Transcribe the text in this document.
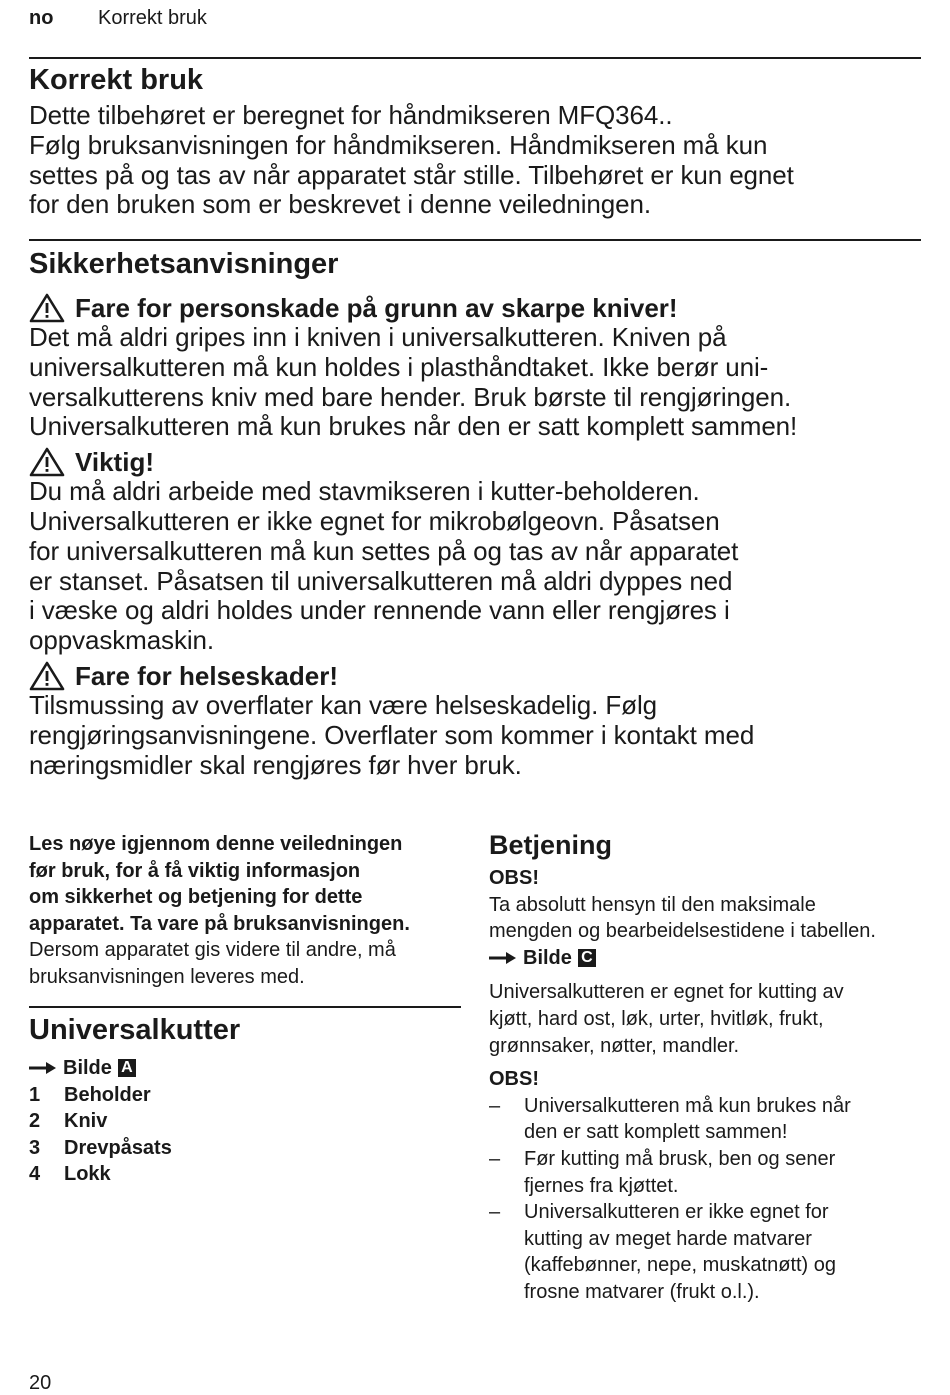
no Korrekt bruk
Korrekt bruk

Dette tilbehøret er beregnet for håndmikseren MFQ364..

Følg bruksanvisningen for håndmikseren. Håndmikseren må kun

settes på og tas av når apparatet står stille. Tilbehøret er kun egnet

for den bruken som er beskrevet i denne veiledningen.

Sikkerhetsanvisninger
Fare for personskade på grunn av skarpe kniver!

Det må aldri gripes inn i kniven i universalkutteren. Kniven på

universalkutteren må kun holdes i plasthåndtaket. Ikke berør uni-

versalkutterens kniv med bare hender. Bruk børste til rengjøringen.

Universalkutteren må kun brukes når den er satt komplett sammen!

Viktig!

Du må aldri arbeide med stavmikseren i kutter-beholderen.

Universalkutteren er ikke egnet for mikrobølgeovn. Påsatsen

for universalkutteren må kun settes på og tas av når apparatet

er stanset. Påsatsen til universalkutteren må aldri dyppes ned

i væske og aldri holdes under rennende vann eller rengjøres i

oppvaskmaskin.

Fare for helseskader!

Tilsmussing av overflater kan være helseskadelig. Følg

rengjøringsanvisningene. Overflater som kommer i kontakt med

næringsmidler skal rengjøres før hver bruk.

Les nøye igjennom denne veiledningen
før bruk, for å få viktig informasjon
om sikkerhet og betjening for dette
apparatet. Ta vare på bruksanvisningen.
Dersom apparatet gis videre til andre, må
bruksanvisningen leveres med.
Universalkutter
Bilde A
1	Beholder
2	Kniv
3	Drevpåsats
4	Lokk
Betjening
OBS!
Ta absolutt hensyn til den maksimale
mengden og bearbeidelsestidene i tabellen.
Bilde C
Universalkutteren er egnet for kutting av
kjøtt, hard ost, løk, urter, hvitløk, frukt,
grønnsaker, nøtter, mandler.
OBS!
–	Universalkutteren må kun brukes når
den er satt komplett sammen!
–	Før kutting må brusk, ben og sener
fjernes fra kjøttet.
–	Universalkutteren er ikke egnet for
kutting av meget harde matvarer
(kaffebønner, nepe, muskatnøtt) og
frosne matvarer (frukt o.l.).
20
